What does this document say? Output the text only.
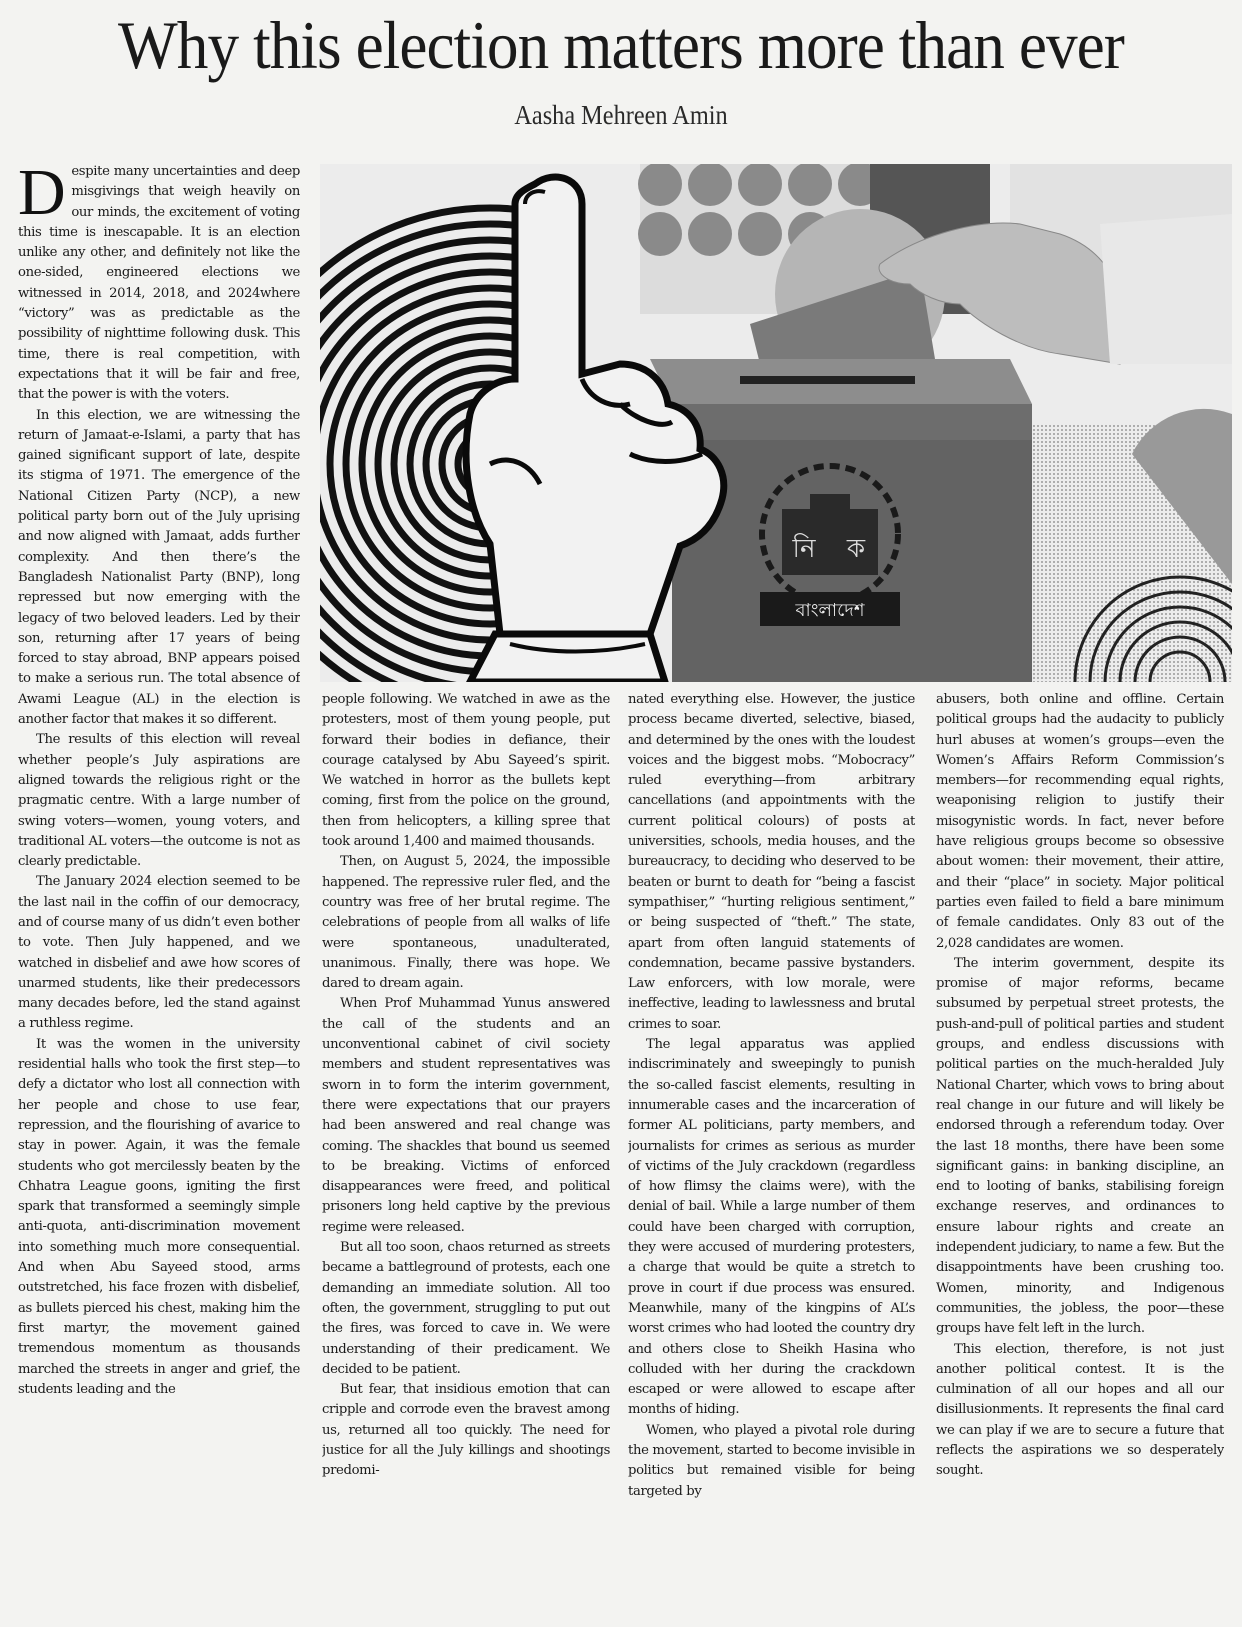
Why this election matters more than ever
Aasha Mehreen Amin
নি ক
বাংলাদেশ

Despite many uncertainties and deep misgivings that weigh heavily on our minds, the excitement of voting this time is inescapable. It is an election unlike any other, and definitely not like the one-sided, engineered elections we witnessed in 2014, 2018, and 2024where “victory” was as predictable as the possibility of nighttime following dusk. This time, there is real competition, with expectations that it will be fair and free, that the power is with the voters.

In this election, we are witnessing the return of Jamaat-e-Islami, a party that has gained significant support of late, despite its stigma of 1971. The emergence of the National Citizen Party (NCP), a new political party born out of the July uprising and now aligned with Jamaat, adds further complexity. And then there’s the Bangladesh Nationalist Party (BNP), long repressed but now emerging with the legacy of two beloved leaders. Led by their son, returning after 17 years of being forced to stay abroad, BNP appears poised to make a serious run. The total absence of Awami League (AL) in the election is another factor that makes it so different.

The results of this election will reveal whether people’s July aspirations are aligned towards the religious right or the pragmatic centre. With a large number of swing voters—women, young voters, and traditional AL voters—the outcome is not as clearly predictable.

The January 2024 election seemed to be the last nail in the coffin of our democracy, and of course many of us didn’t even bother to vote. Then July happened, and we watched in disbelief and awe how scores of unarmed students, like their predecessors many decades before, led the stand against a ruthless regime.

It was the women in the university residential halls who took the first step—to defy a dictator who lost all connection with her people and chose to use fear, repression, and the flourishing of avarice to stay in power. Again, it was the female students who got mercilessly beaten by the Chhatra League goons, igniting the first spark that transformed a seemingly simple anti-quota, anti-discrimination movement into something much more consequential. And when Abu Sayeed stood, arms outstretched, his face frozen with disbelief, as bullets pierced his chest, making him the first martyr, the movement gained tremendous momentum as thousands marched the streets in anger and grief, the students leading and the

people following. We watched in awe as the protesters, most of them young people, put forward their bodies in defiance, their courage catalysed by Abu Sayeed’s spirit. We watched in horror as the bullets kept coming, first from the police on the ground, then from helicopters, a killing spree that took around 1,400 and maimed thousands.

Then, on August 5, 2024, the impossible happened. The repressive ruler fled, and the country was free of her brutal regime. The celebrations of people from all walks of life were spontaneous, unadulterated, unanimous. Finally, there was hope. We dared to dream again.

When Prof Muhammad Yunus answered the call of the students and an unconventional cabinet of civil society members and student representatives was sworn in to form the interim government, there were expectations that our prayers had been answered and real change was coming. The shackles that bound us seemed to be breaking. Victims of enforced disappearances were freed, and political prisoners long held captive by the previous regime were released.

But all too soon, chaos returned as streets became a battleground of protests, each one demanding an immediate solution. All too often, the government, struggling to put out the fires, was forced to cave in. We were understanding of their predicament. We decided to be patient.

But fear, that insidious emotion that can cripple and corrode even the bravest among us, returned all too quickly. The need for justice for all the July killings and shootings predomi-

nated everything else. However, the justice process became diverted, selective, biased, and determined by the ones with the loudest voices and the biggest mobs. “Mobocracy” ruled everything—from arbitrary cancellations (and appointments with the current political colours) of posts at universities, schools, media houses, and the bureaucracy, to deciding who deserved to be beaten or burnt to death for “being a fascist sympathiser,” “hurting religious sentiment,” or being suspected of “theft.” The state, apart from often languid statements of condemnation, became passive bystanders. Law enforcers, with low morale, were ineffective, leading to lawlessness and brutal crimes to soar.

The legal apparatus was applied indiscriminately and sweepingly to punish the so-called fascist elements, resulting in innumerable cases and the incarceration of former AL politicians, party members, and journalists for crimes as serious as murder of victims of the July crackdown (regardless of how flimsy the claims were), with the denial of bail. While a large number of them could have been charged with corruption, they were accused of murdering protesters, a charge that would be quite a stretch to prove in court if due process was ensured. Meanwhile, many of the kingpins of AL’s worst crimes who had looted the country dry and others close to Sheikh Hasina who colluded with her during the crackdown escaped or were allowed to escape after months of hiding.

Women, who played a pivotal role during the movement, started to become invisible in politics but remained visible for being targeted by

abusers, both online and offline. Certain political groups had the audacity to publicly hurl abuses at women’s groups—even the Women’s Affairs Reform Commission’s members—for recommending equal rights, weaponising religion to justify their misogynistic words. In fact, never before have religious groups become so obsessive about women: their movement, their attire, and their “place” in society. Major political parties even failed to field a bare minimum of female candidates. Only 83 out of the 2,028 candidates are women.

The interim government, despite its promise of major reforms, became subsumed by perpetual street protests, the push-and-pull of political parties and student groups, and endless discussions with political parties on the much-heralded July National Charter, which vows to bring about real change in our future and will likely be endorsed through a referendum today. Over the last 18 months, there have been some significant gains: in banking discipline, an end to looting of banks, stabilising foreign exchange reserves, and ordinances to ensure labour rights and create an independent judiciary, to name a few. But the disappointments have been crushing too. Women, minority, and Indigenous communities, the jobless, the poor—these groups have felt left in the lurch.

This election, therefore, is not just another political contest. It is the culmination of all our hopes and all our disillusionments. It represents the final card we can play if we are to secure a future that reflects the aspirations we so desperately sought.
